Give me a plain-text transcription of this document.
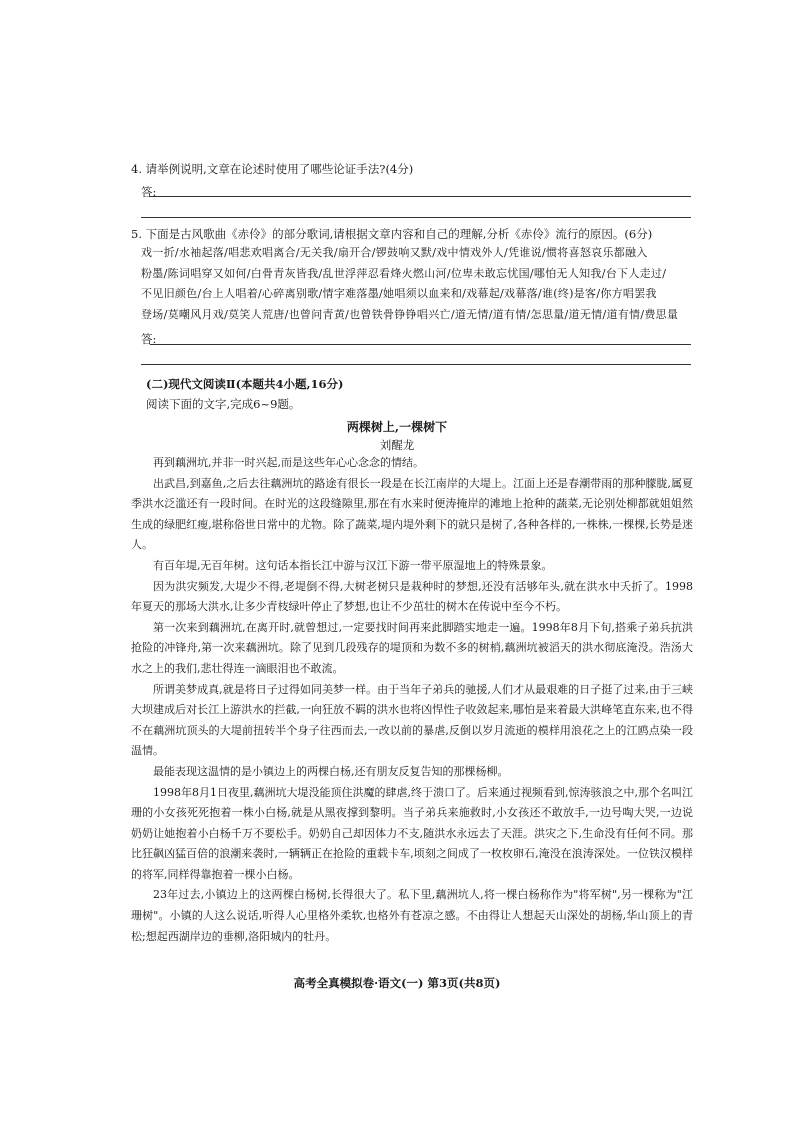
4. 请举例说明,文章在论述时使用了哪些论证手法?(4分)
答:
5. 下面是古风歌曲《赤伶》的部分歌词,请根据文章内容和自己的理解,分析《赤伶》流行的原因。(6分)
戏一折/水袖起落/唱悲欢唱离合/无关我/扇开合/锣鼓响又默/戏中情戏外人/凭谁说/惯将喜怒哀乐都融入
粉墨/陈词唱穿又如何/白骨青灰皆我/乱世浮萍忍看烽火燃山河/位卑未敢忘忧国/哪怕无人知我/台下人走过/
不见旧颜色/台上人唱着/心碎离别歌/情字难落墨/她唱须以血来和/戏幕起/戏幕落/谁(终)是客/你方唱罢我
登场/莫嘲风月戏/莫笑人荒唐/也曾问青黄/也曾铁骨铮铮唱兴亡/道无情/道有情/怎思量/道无情/道有情/费思量
答:
(二)现代文阅读Ⅱ(本题共4小题,16分)
阅读下面的文字,完成6~9题。
两棵树上,一棵树下
刘醒龙

再到藕洲坑,并非一时兴起,而是这些年心心念念的情结。

出武昌,到嘉鱼,之后去往藕洲坑的路途有很长一段是在长江南岸的大堤上。江面上还是春潮带雨的那种朦胧,属夏季洪水泛滥还有一段时间。在时光的这段缝隙里,那在有水来时便涛掩岸的滩地上抢种的蔬菜,无论别处柳都就姐姐然生成的绿肥红瘦,堪称俗世日常中的尤物。除了蔬菜,堤内堤外剩下的就只是树了,各种各样的,一株株,一棵棵,长势是迷人。

有百年堤,无百年树。这句话本指长江中游与汉江下游一带平原湿地上的特殊景象。

因为洪灾频发,大堤少不得,老堤倒不得,大树老树只是栽种时的梦想,还没有活够年头,就在洪水中夭折了。1998年夏天的那场大洪水,让多少青枝绿叶停止了梦想,也让不少茁壮的树木在传说中至今不朽。

第一次来到藕洲坑,在离开时,就曾想过,一定要找时间再来此脚踏实地走一遍。1998年8月下旬,搭乘子弟兵抗洪抢险的冲锋舟,第一次来藕洲坑。除了见到几段残存的堤顶和为数不多的树梢,藕洲坑被滔天的洪水彻底淹没。浩汤大水之上的我们,悲壮得连一滴眼泪也不敢流。

所谓美梦成真,就是将日子过得如同美梦一样。由于当年子弟兵的驰援,人们才从最艰难的日子挺了过来,由于三峡大坝建成后对长江上游洪水的拦截,一向狂放不羁的洪水也将凶悍性子收敛起来,哪怕是来着最大洪峰笔直东来,也不得不在藕洲坑顶头的大堤前扭转半个身子往西而去,一改以前的暴虐,反倒以岁月流逝的模样用浪花之上的江鸥点染一段温情。

最能表现这温情的是小镇边上的两棵白杨,还有朋友反复告知的那棵杨柳。

1998年8月1日夜里,藕洲坑大堤没能顶住洪魔的肆虐,终于溃口了。后来通过视频看到,惊涛骇浪之中,那个名叫江珊的小女孩死死抱着一株小白杨,就是从黑夜撑到黎明。当子弟兵来施救时,小女孩还不敢放手,一边号啕大哭,一边说奶奶让她抱着小白杨千万不要松手。奶奶自己却因体力不支,随洪水永远去了天涯。洪灾之下,生命没有任何不同。那比狂飙凶猛百倍的浪潮来袭时,一辆辆正在抢险的重载卡车,顷刻之间成了一枚枚卵石,淹没在浪涛深处。一位铁汉模样的将军,同样得靠抱着一棵小白杨。

23年过去,小镇边上的这两棵白杨树,长得很大了。私下里,藕洲坑人,将一棵白杨称作为"将军树",另一棵称为"江珊树"。小镇的人这么说话,听得人心里格外柔软,也格外有苍凉之感。不由得让人想起天山深处的胡杨,华山顶上的青松;想起西湖岸边的垂柳,洛阳城内的牡丹。

高考全真模拟卷·语文(一) 第3页(共8页)
